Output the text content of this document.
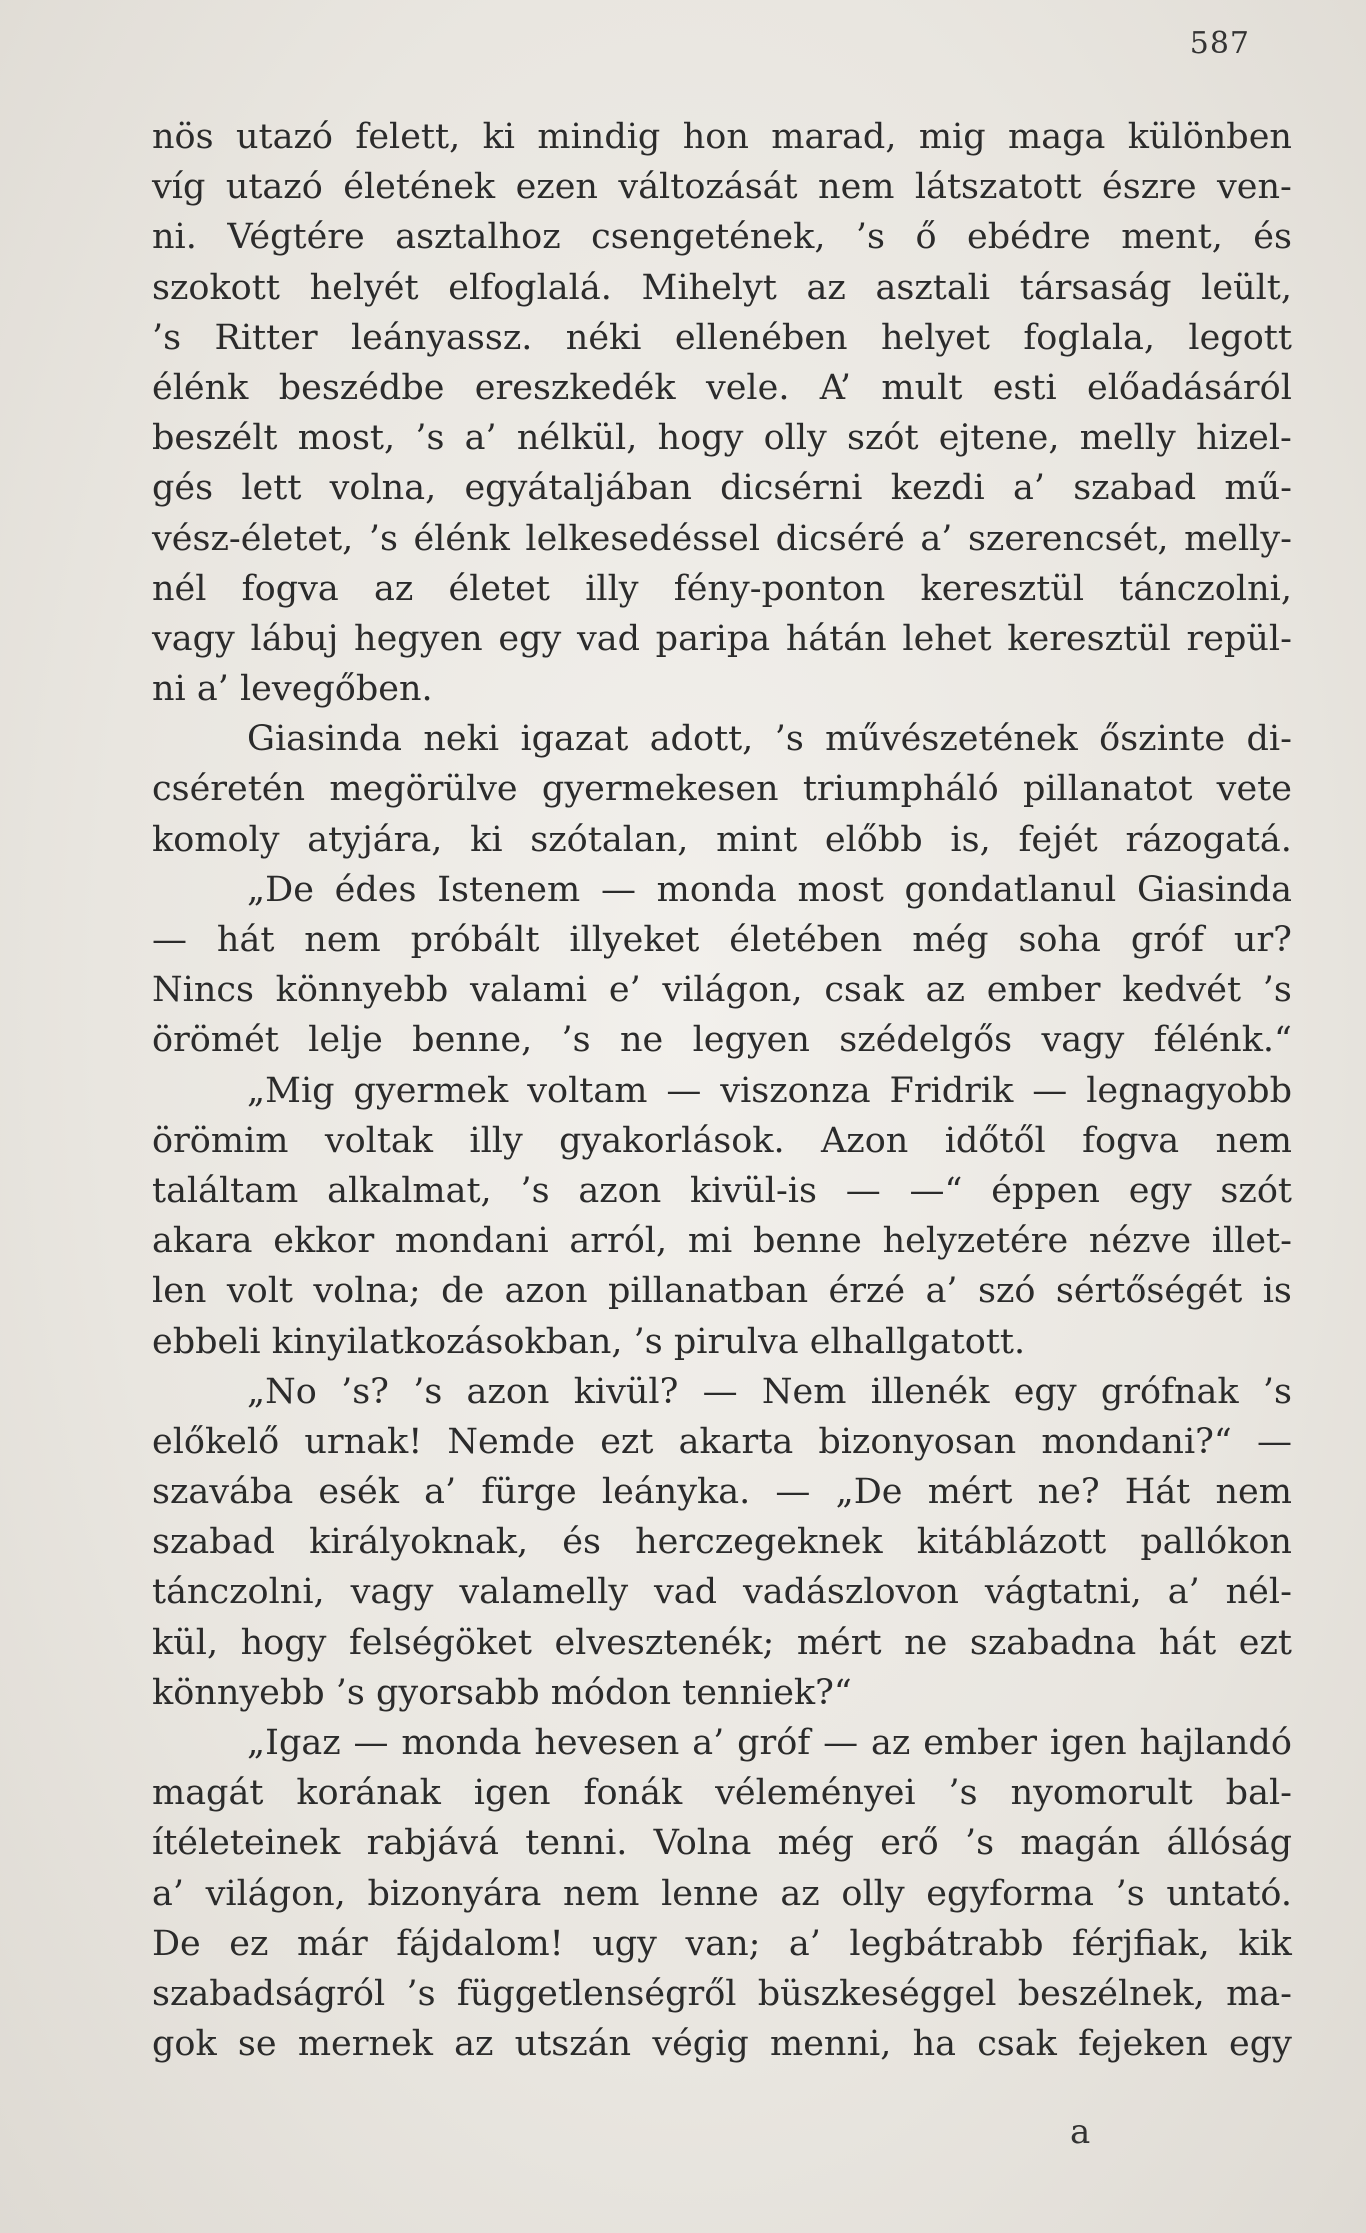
587
nös utazó felett, ki mindig hon marad, mig maga különben
víg utazó életének ezen változását nem látszatott észre ven-
ni. Végtére asztalhoz csengetének, ’s ő ebédre ment, és
szokott helyét elfoglalá. Mihelyt az asztali társaság leült,
’s Ritter leányassz. néki ellenében helyet foglala, legott
élénk beszédbe ereszkedék vele. A’ mult esti előadásáról
beszélt most, ’s a’ nélkül, hogy olly szót ejtene, melly hizel-
gés lett volna, egyátaljában dicsérni kezdi a’ szabad mű-
vész-életet, ’s élénk lelkesedéssel dicséré a’ szerencsét, melly-
nél fogva az életet illy fény-ponton keresztül tánczolni,
vagy lábuj hegyen egy vad paripa hátán lehet keresztül repül-
ni a’ levegőben.
Giasinda neki igazat adott, ’s művészetének őszinte di-
cséretén megörülve gyermekesen triumpháló pillanatot vete
komoly atyjára, ki szótalan, mint előbb is, fejét rázogatá.
„De édes Istenem — monda most gondatlanul Giasinda
— hát nem próbált illyeket életében még soha gróf ur?
Nincs könnyebb valami e’ világon, csak az ember kedvét ’s
örömét lelje benne, ’s ne legyen szédelgős vagy félénk.“
„Mig gyermek voltam — viszonza Fridrik — legnagyobb
örömim voltak illy gyakorlások. Azon időtől fogva nem
találtam alkalmat, ’s azon kivül-is — —“ éppen egy szót
akara ekkor mondani arról, mi benne helyzetére nézve illet-
len volt volna; de azon pillanatban érzé a’ szó sértőségét is
ebbeli kinyilatkozásokban, ’s pirulva elhallgatott.
„No ’s? ’s azon kivül? — Nem illenék egy grófnak ’s
előkelő urnak! Nemde ezt akarta bizonyosan mondani?“ —
szavába esék a’ fürge leányka. — „De mért ne? Hát nem
szabad királyoknak, és herczegeknek kitáblázott pallókon
tánczolni, vagy valamelly vad vadászlovon vágtatni, a’ nél-
kül, hogy felségöket elvesztenék; mért ne szabadna hát ezt
könnyebb ’s gyorsabb módon tenniek?“
„Igaz — monda hevesen a’ gróf — az ember igen hajlandó
magát korának igen fonák véleményei ’s nyomorult bal-
ítéleteinek rabjává tenni. Volna még erő ’s magán állóság
a’ világon, bizonyára nem lenne az olly egyforma ’s untató.
De ez már fájdalom! ugy van; a’ legbátrabb férjfiak, kik
szabadságról ’s függetlenségről büszkeséggel beszélnek, ma-
gok se mernek az utszán végig menni, ha csak fejeken egy
a
